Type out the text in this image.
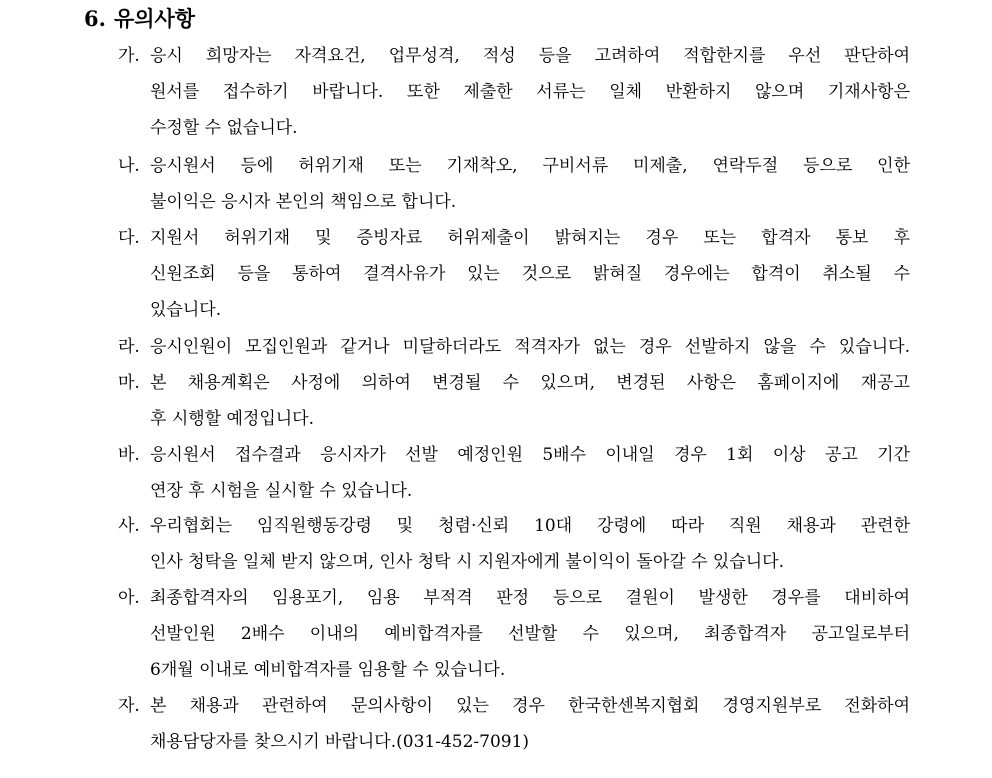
6. 유의사항
가. 응시 희망자는 자격요건, 업무성격, 적성 등을 고려하여 적합한지를 우선 판단하여
원서를 접수하기 바랍니다. 또한 제출한 서류는 일체 반환하지 않으며 기재사항은
수정할 수 없습니다.
나. 응시원서 등에 허위기재 또는 기재착오, 구비서류 미제출, 연락두절 등으로 인한
불이익은 응시자 본인의 책임으로 합니다.
다. 지원서 허위기재 및 증빙자료 허위제출이 밝혀지는 경우 또는 합격자 통보 후
신원조회 등을 통하여 결격사유가 있는 것으로 밝혀질 경우에는 합격이 취소될 수
있습니다.
라. 응시인원이 모집인원과 같거나 미달하더라도 적격자가 없는 경우 선발하지 않을 수 있습니다.
마. 본 채용계획은 사정에 의하여 변경될 수 있으며, 변경된 사항은 홈페이지에 재공고
후 시행할 예정입니다.
바. 응시원서 접수결과 응시자가 선발 예정인원 5배수 이내일 경우 1회 이상 공고 기간
연장 후 시험을 실시할 수 있습니다.
사. 우리협회는 임직원행동강령 및 청렴·신뢰 10대 강령에 따라 직원 채용과 관련한
인사 청탁을 일체 받지 않으며, 인사 청탁 시 지원자에게 불이익이 돌아갈 수 있습니다.
아. 최종합격자의 임용포기, 임용 부적격 판정 등으로 결원이 발생한 경우를 대비하여
선발인원 2배수 이내의 예비합격자를 선발할 수 있으며, 최종합격자 공고일로부터
6개월 이내로 예비합격자를 임용할 수 있습니다.
자. 본 채용과 관련하여 문의사항이 있는 경우 한국한센복지협회 경영지원부로 전화하여
채용담당자를 찾으시기 바랍니다.(031-452-7091)
